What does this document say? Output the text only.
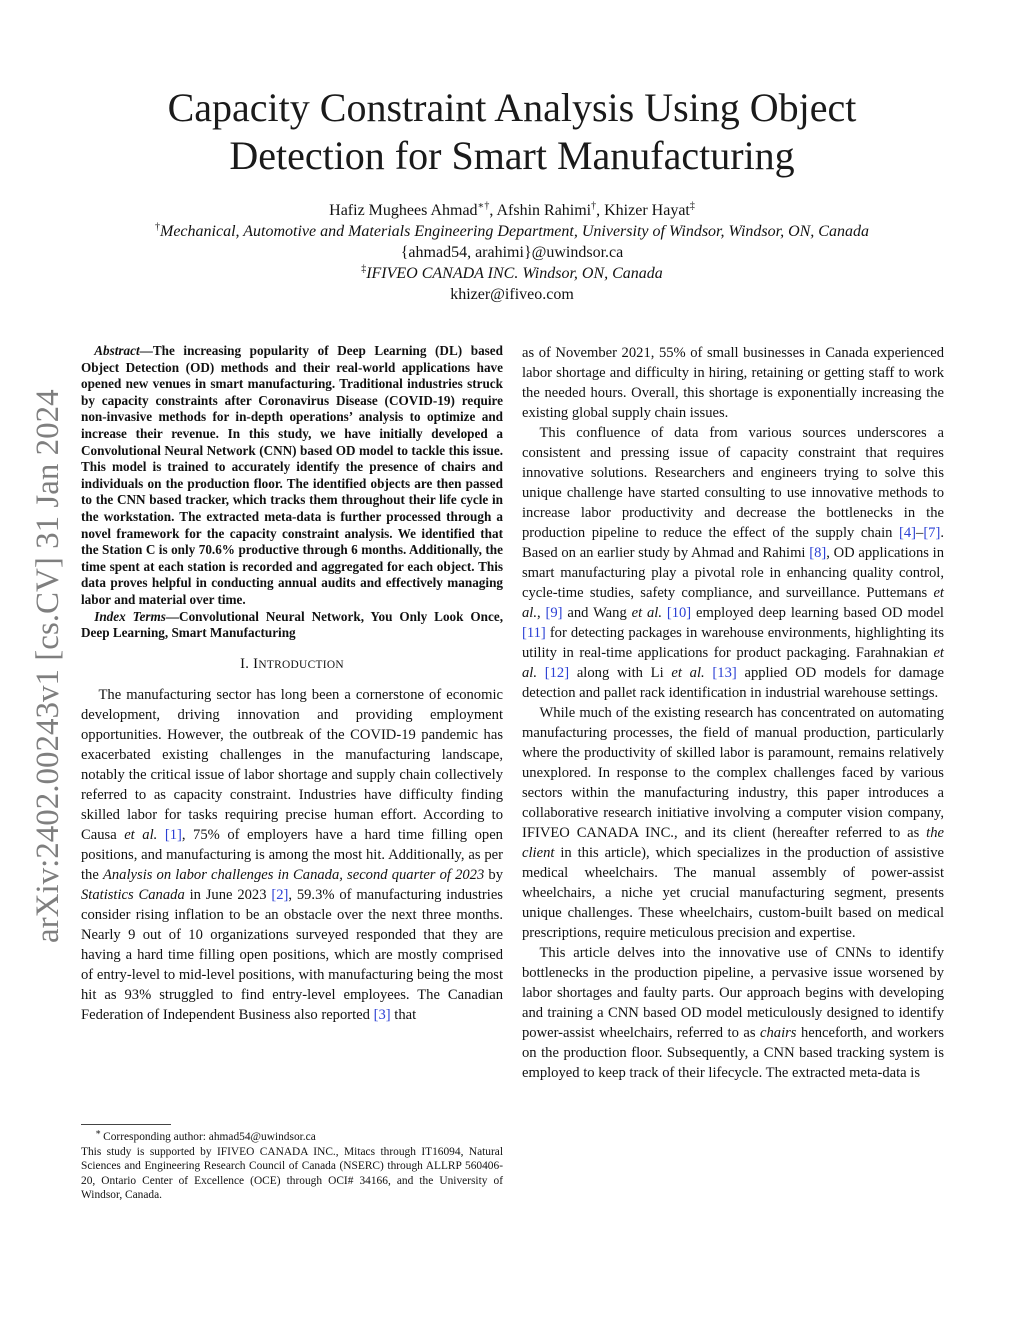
arXiv:2402.00243v1 [cs.CV] 31 Jan 2024
Capacity Constraint Analysis Using Object
Detection for Smart Manufacturing
Hafiz Mughees Ahmad∗†, Afshin Rahimi†, Khizer Hayat‡
†Mechanical, Automotive and Materials Engineering Department, University of Windsor, Windsor, ON, Canada
{ahmad54, arahimi}@uwindsor.ca
‡IFIVEO CANADA INC. Windsor, ON, Canada
khizer@ifiveo.com

Abstract—The increasing popularity of Deep Learning (DL) based Object Detection (OD) methods and their real-world applications have opened new venues in smart manufacturing. Traditional industries struck by capacity constraints after Coronavirus Disease (COVID-19) require non-invasive methods for in-depth operations’ analysis to optimize and increase their revenue. In this study, we have initially developed a Convolutional Neural Network (CNN) based OD model to tackle this issue. This model is trained to accurately identify the presence of chairs and individuals on the production floor. The identified objects are then passed to the CNN based tracker, which tracks them throughout their life cycle in the workstation. The extracted meta-data is further processed through a novel framework for the capacity constraint analysis. We identified that the Station C is only 70.6% productive through 6 months. Additionally, the time spent at each station is recorded and aggregated for each object. This data proves helpful in conducting annual audits and effectively managing labor and material over time.

Index Terms—Convolutional Neural Network, You Only Look Once, Deep Learning, Smart Manufacturing

I. INTRODUCTION

The manufacturing sector has long been a cornerstone of economic development, driving innovation and providing employment opportunities. However, the outbreak of the COVID-19 pandemic has exacerbated existing challenges in the manufacturing landscape, notably the critical issue of labor shortage and supply chain collectively referred to as capacity constraint. Industries have difficulty finding skilled labor for tasks requiring precise human effort. According to Causa et al. [1], 75% of employers have a hard time filling open positions, and manufacturing is among the most hit. Additionally, as per the Analysis on labor challenges in Canada, second quarter of 2023 by Statistics Canada in June 2023 [2], 59.3% of manufacturing industries consider rising inflation to be an obstacle over the next three months. Nearly 9 out of 10 organizations surveyed responded that they are having a hard time filling open positions, which are mostly comprised of entry-level to mid-level positions, with manufacturing being the most hit as 93% struggled to find entry-level employees. The Canadian Federation of Independent Business also reported [3] that

∗ Corresponding author: ahmad54@uwindsor.ca

This study is supported by IFIVEO CANADA INC., Mitacs through IT16094, Natural Sciences and Engineering Research Council of Canada (NSERC) through ALLRP 560406-20, Ontario Center of Excellence (OCE) through OCI# 34166, and the University of Windsor, Canada.

as of November 2021, 55% of small businesses in Canada experienced labor shortage and difficulty in hiring, retaining or getting staff to work the needed hours. Overall, this shortage is exponentially increasing the existing global supply chain issues.

This confluence of data from various sources underscores a consistent and pressing issue of capacity constraint that requires innovative solutions. Researchers and engineers trying to solve this unique challenge have started consulting to use innovative methods to increase labor productivity and decrease the bottlenecks in the production pipeline to reduce the effect of the supply chain [4]–[7]. Based on an earlier study by Ahmad and Rahimi [8], OD applications in smart manufacturing play a pivotal role in enhancing quality control, cycle-time studies, safety compliance, and surveillance. Puttemans et al., [9] and Wang et al. [10] employed deep learning based OD model [11] for detecting packages in warehouse environments, highlighting its utility in real-time applications for product packaging. Farahnakian et al. [12] along with Li et al. [13] applied OD models for damage detection and pallet rack identification in industrial warehouse settings.

While much of the existing research has concentrated on automating manufacturing processes, the field of manual production, particularly where the productivity of skilled labor is paramount, remains relatively unexplored. In response to the complex challenges faced by various sectors within the manufacturing industry, this paper introduces a collaborative research initiative involving a computer vision company, IFIVEO CANADA INC., and its client (hereafter referred to as the client in this article), which specializes in the production of assistive medical wheelchairs. The manual assembly of power-assist wheelchairs, a niche yet crucial manufacturing segment, presents unique challenges. These wheelchairs, custom-built based on medical prescriptions, require meticulous precision and expertise.

This article delves into the innovative use of CNNs to identify bottlenecks in the production pipeline, a pervasive issue worsened by labor shortages and faulty parts. Our approach begins with developing and training a CNN based OD model meticulously designed to identify power-assist wheelchairs, referred to as chairs henceforth, and workers on the production floor. Subsequently, a CNN based tracking system is employed to keep track of their lifecycle. The extracted meta-data is
